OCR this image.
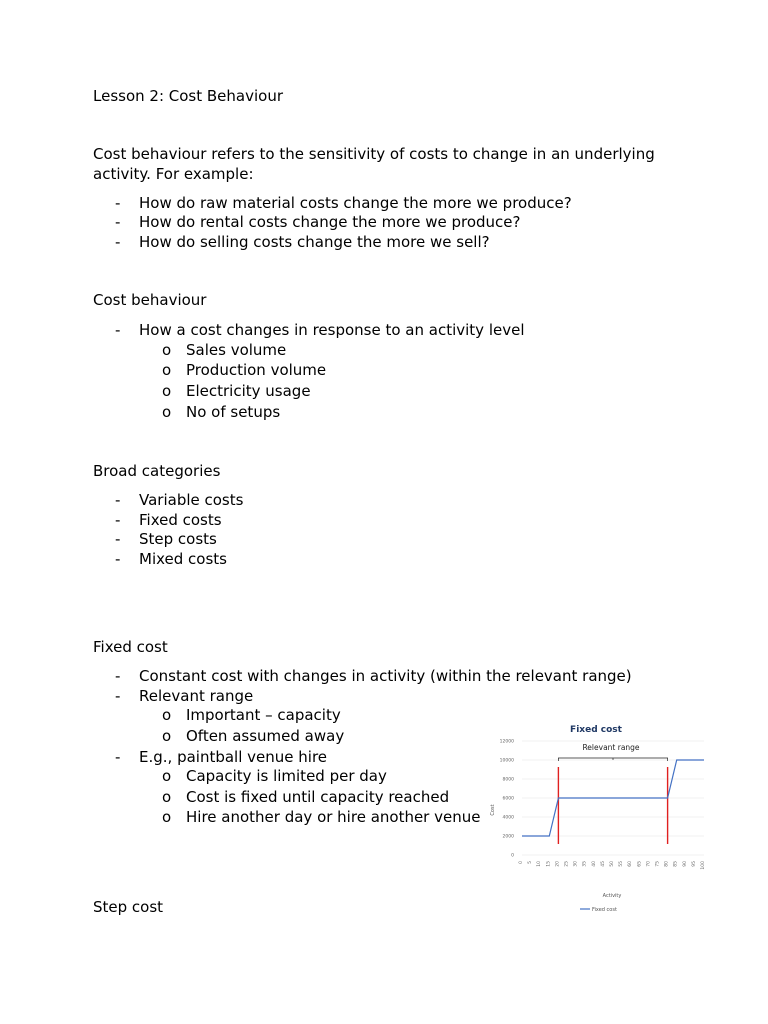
Lesson 2: Cost Behaviour
Cost behaviour refers to the sensitivity of costs to change in an underlying
activity. For example:
- How do raw material costs change the more we produce?
- How do rental costs change the more we produce?
- How do selling costs change the more we sell?
Cost behaviour
- How a cost changes in response to an activity level
o Sales volume
o Production volume
o Electricity usage
o No of setups
Broad categories
- Variable costs
- Fixed costs
- Step costs
- Mixed costs
Fixed cost
- Constant cost with changes in activity (within the relevant range)
- Relevant range
o Important – capacity
o Often assumed away
- E.g., paintball venue hire
o Capacity is limited per day
o Cost is fixed until capacity reached
o Hire another day or hire another venue
Step cost
Fixed cost
0
2000
4000
6000
8000
10000
12000
0 5 10 15 20 25 30 35 40 45 50 55 60 65 70 75 80 85 90 95 100
Relevant range
Cost
Activity
Fixed cost
